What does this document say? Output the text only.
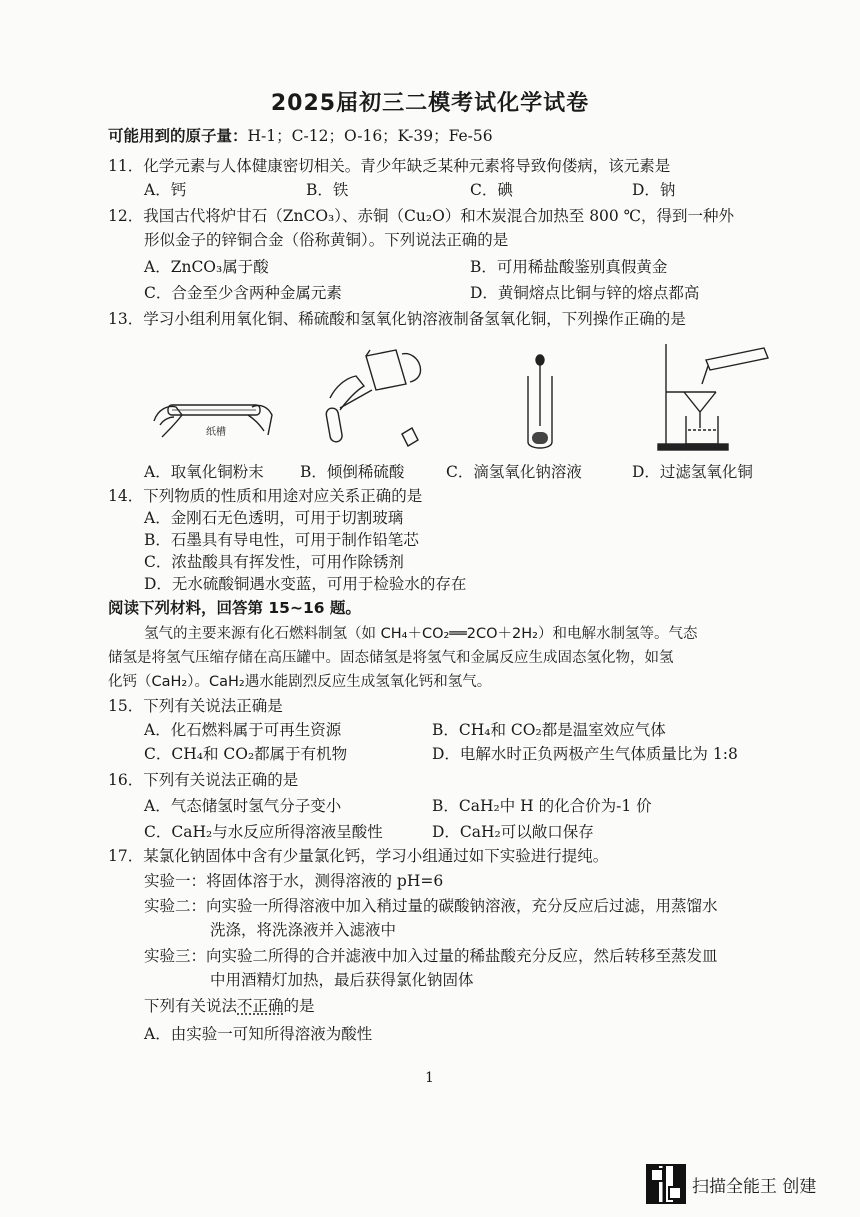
2025届初三二模考试化学试卷
可能用到的原子量：H-1；C-12；O-16；K-39；Fe-56
11．化学元素与人体健康密切相关。青少年缺乏某种元素将导致佝偻病，该元素是
A．钙	B．铁	C．碘	D．钠
12．我国古代将炉甘石（ZnCO₃）、赤铜（Cu₂O）和木炭混合加热至 800 ℃，得到一种外
形似金子的锌铜合金（俗称黄铜）。下列说法正确的是
A．ZnCO₃属于酸	B．可用稀盐酸鉴别真假黄金
C．合金至少含两种金属元素	D．黄铜熔点比铜与锌的熔点都高
13．学习小组利用氧化铜、稀硫酸和氢氧化钠溶液制备氢氧化铜，下列操作正确的是
纸槽
A．取氧化铜粉末 B．倾倒稀硫酸	C．滴氢氧化钠溶液	D．过滤氢氧化铜
14．下列物质的性质和用途对应关系正确的是
A．金刚石无色透明，可用于切割玻璃
B．石墨具有导电性，可用于制作铅笔芯
C．浓盐酸具有挥发性，可用作除锈剂
D．无水硫酸铜遇水变蓝，可用于检验水的存在
阅读下列材料，回答第 15~16 题。
氢气的主要来源有化石燃料制氢（如 CH₄＋CO₂══2CO＋2H₂）和电解水制氢等。气态
储氢是将氢气压缩存储在高压罐中。固态储氢是将氢气和金属反应生成固态氢化物，如氢
化钙（CaH₂）。CaH₂遇水能剧烈反应生成氢氧化钙和氢气。
15．下列有关说法正确是
A．化石燃料属于可再生资源	B．CH₄和 CO₂都是温室效应气体
C．CH₄和 CO₂都属于有机物	D．电解水时正负两极产生气体质量比为 1:8
16．下列有关说法正确的是
A．气态储氢时氢气分子变小	B．CaH₂中 H 的化合价为-1 价
C．CaH₂与水反应所得溶液呈酸性	D．CaH₂可以敞口保存
17．某氯化钠固体中含有少量氯化钙，学习小组通过如下实验进行提纯。
实验一：将固体溶于水，测得溶液的 pH=6
实验二：向实验一所得溶液中加入稍过量的碳酸钠溶液，充分反应后过滤，用蒸馏水
洗涤，将洗涤液并入滤液中
实验三：向实验二所得的合并滤液中加入过量的稀盐酸充分反应，然后转移至蒸发皿
中用酒精灯加热，最后获得氯化钠固体
下列有关说法不正确的是
A．由实验一可知所得溶液为酸性
1
扫描全能王 创建
